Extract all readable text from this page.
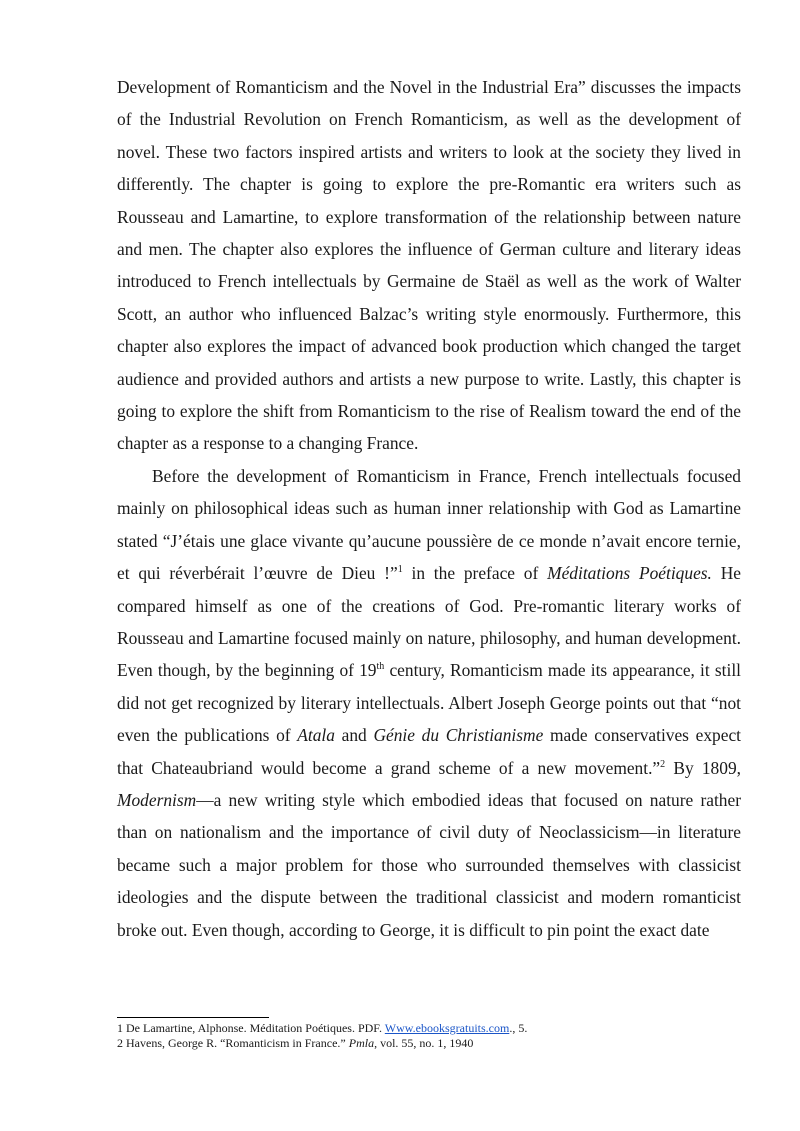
Development of Romanticism and the Novel in the Industrial Era” discusses the impacts of the Industrial Revolution on French Romanticism, as well as the development of novel. These two factors inspired artists and writers to look at the society they lived in differently. The chapter is going to explore the pre-Romantic era writers such as Rousseau and Lamartine, to explore transformation of the relationship between nature and men. The chapter also explores the influence of German culture and literary ideas introduced to French intellectuals by Germaine de Staël as well as the work of Walter Scott, an author who influenced Balzac’s writing style enormously. Furthermore, this chapter also explores the impact of advanced book production which changed the target audience and provided authors and artists a new purpose to write. Lastly, this chapter is going to explore the shift from Romanticism to the rise of Realism toward the end of the chapter as a response to a changing France.

Before the development of Romanticism in France, French intellectuals focused mainly on philosophical ideas such as human inner relationship with God as Lamartine stated “J’étais une glace vivante qu’aucune poussière de ce monde n’avait encore ternie, et qui réverbérait l’œuvre de Dieu !”$^1$ in the preface of Méditations Poétiques. He compared himself as one of the creations of God. Pre-romantic literary works of Rousseau and Lamartine focused mainly on nature, philosophy, and human development. Even though, by the beginning of 19th century, Romanticism made its appearance, it still did not get recognized by literary intellectuals. Albert Joseph George points out that “not even the publications of Atala and Génie du Christianisme made conservatives expect that Chateaubriand would become a grand scheme of a new movement.”$^2$ By 1809, Modernism—a new writing style which embodied ideas that focused on nature rather than on nationalism and the importance of civil duty of Neoclassicism—in literature became such a major problem for those who surrounded themselves with classicist ideologies and the dispute between the traditional classicist and modern romanticist broke out. Even though, according to George, it is difficult to pin point the exact date

1 De Lamartine, Alphonse. Méditation Poétiques. PDF. Www.ebooksgratuits.com., 5.
2 Havens, George R. “Romanticism in France.” Pmla, vol. 55, no. 1, 1940
